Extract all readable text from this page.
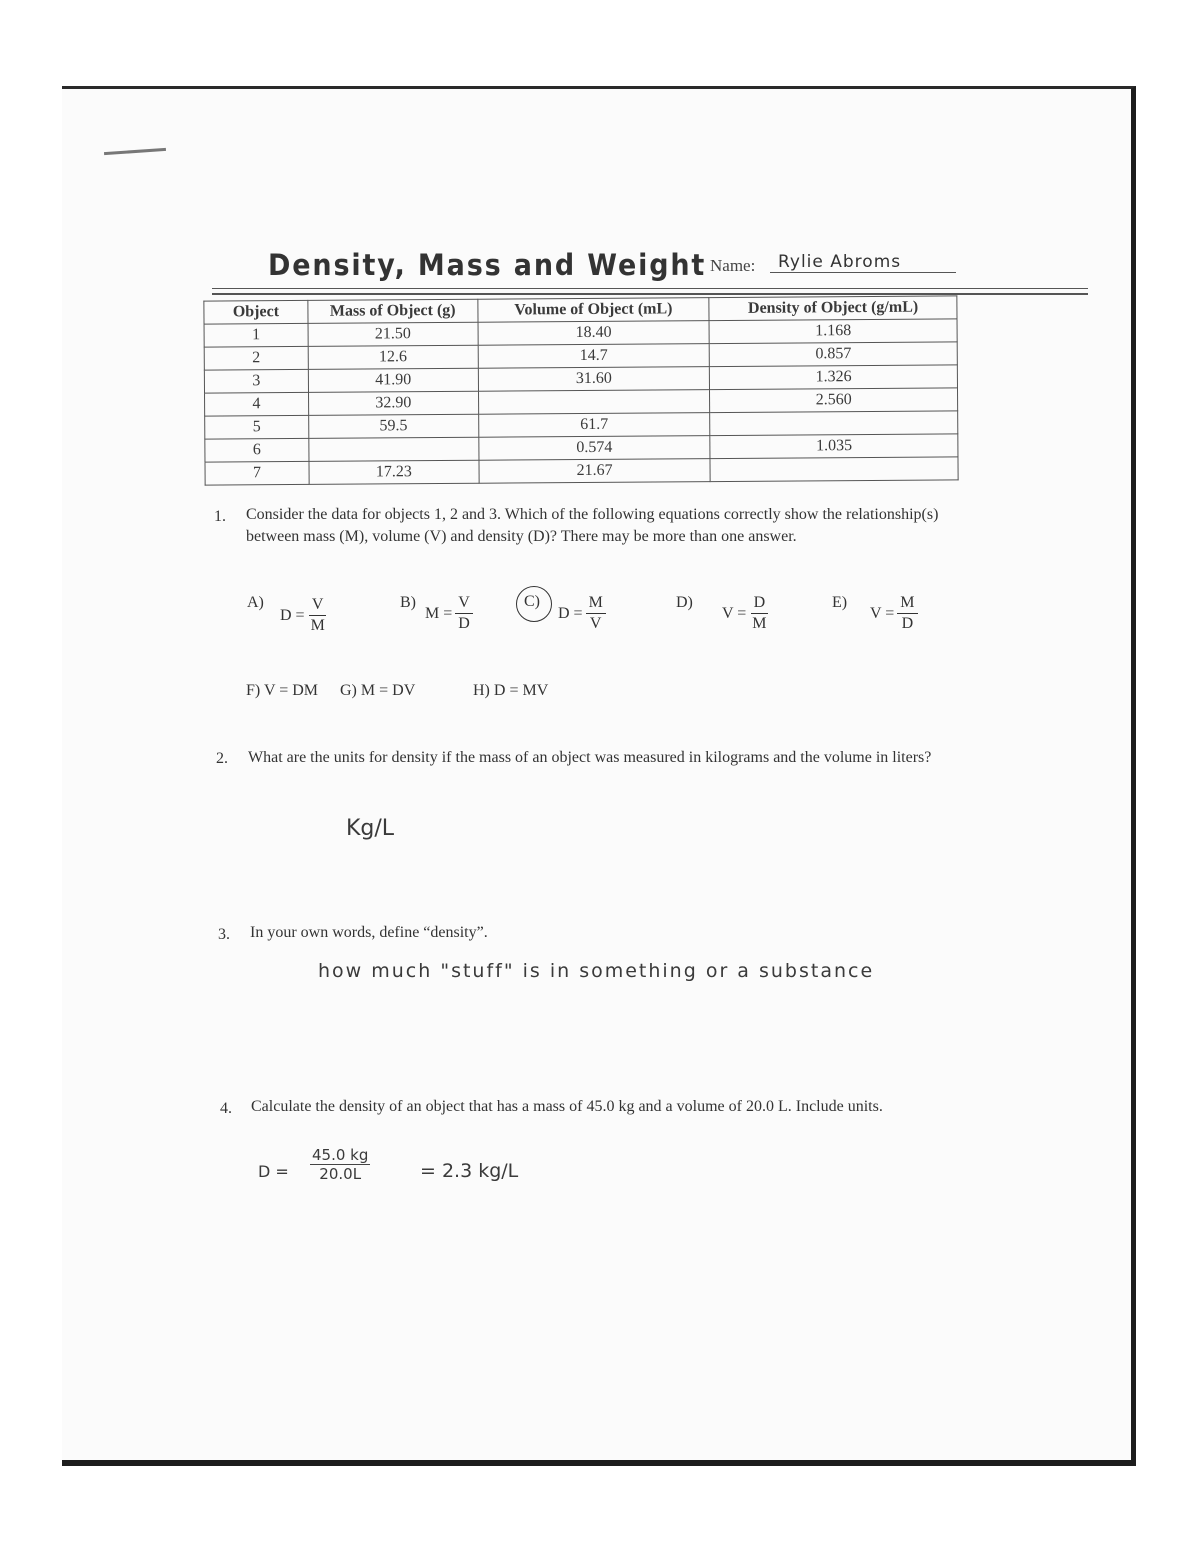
Density, Mass and Weight Name:	Rylie Abroms
Object	Mass of Object (g)	Volume of Object (mL)	Density of Object (g/mL)
1	21.50	18.40	1.168
2	12.6	14.7	0.857
3	41.90	31.60	1.326
4	32.90		2.560
5	59.5	61.7	
6		0.574	1.035
7	17.23	21.67	
1. Consider the data for objects 1, 2 and 3. Which of the following equations correctly show the relationship(s) between mass (M), volume (V) and density (D)? There may be more than one answer.
A)
$D = \frac{V}{M}$	B)
$M = \frac{V}{D}$	C)
$D = \frac{M}{V}$	D)
$V = \frac{D}{M}$	E)
$V = \frac{M}{D}$
F) V = DM G) M = DV	H) D = MV
2. What are the units for density if the mass of an object was measured in kilograms and the volume in liters?
Kg/L
3. In your own words, define “density”.
how much "stuff" is in something or a substance
4. Calculate the density of an object that has a mass of 45.0 kg and a volume of 20.0 L. Include units.
$D = \frac{45.0 kg}{20.0L}$	= 2.3 kg/L
